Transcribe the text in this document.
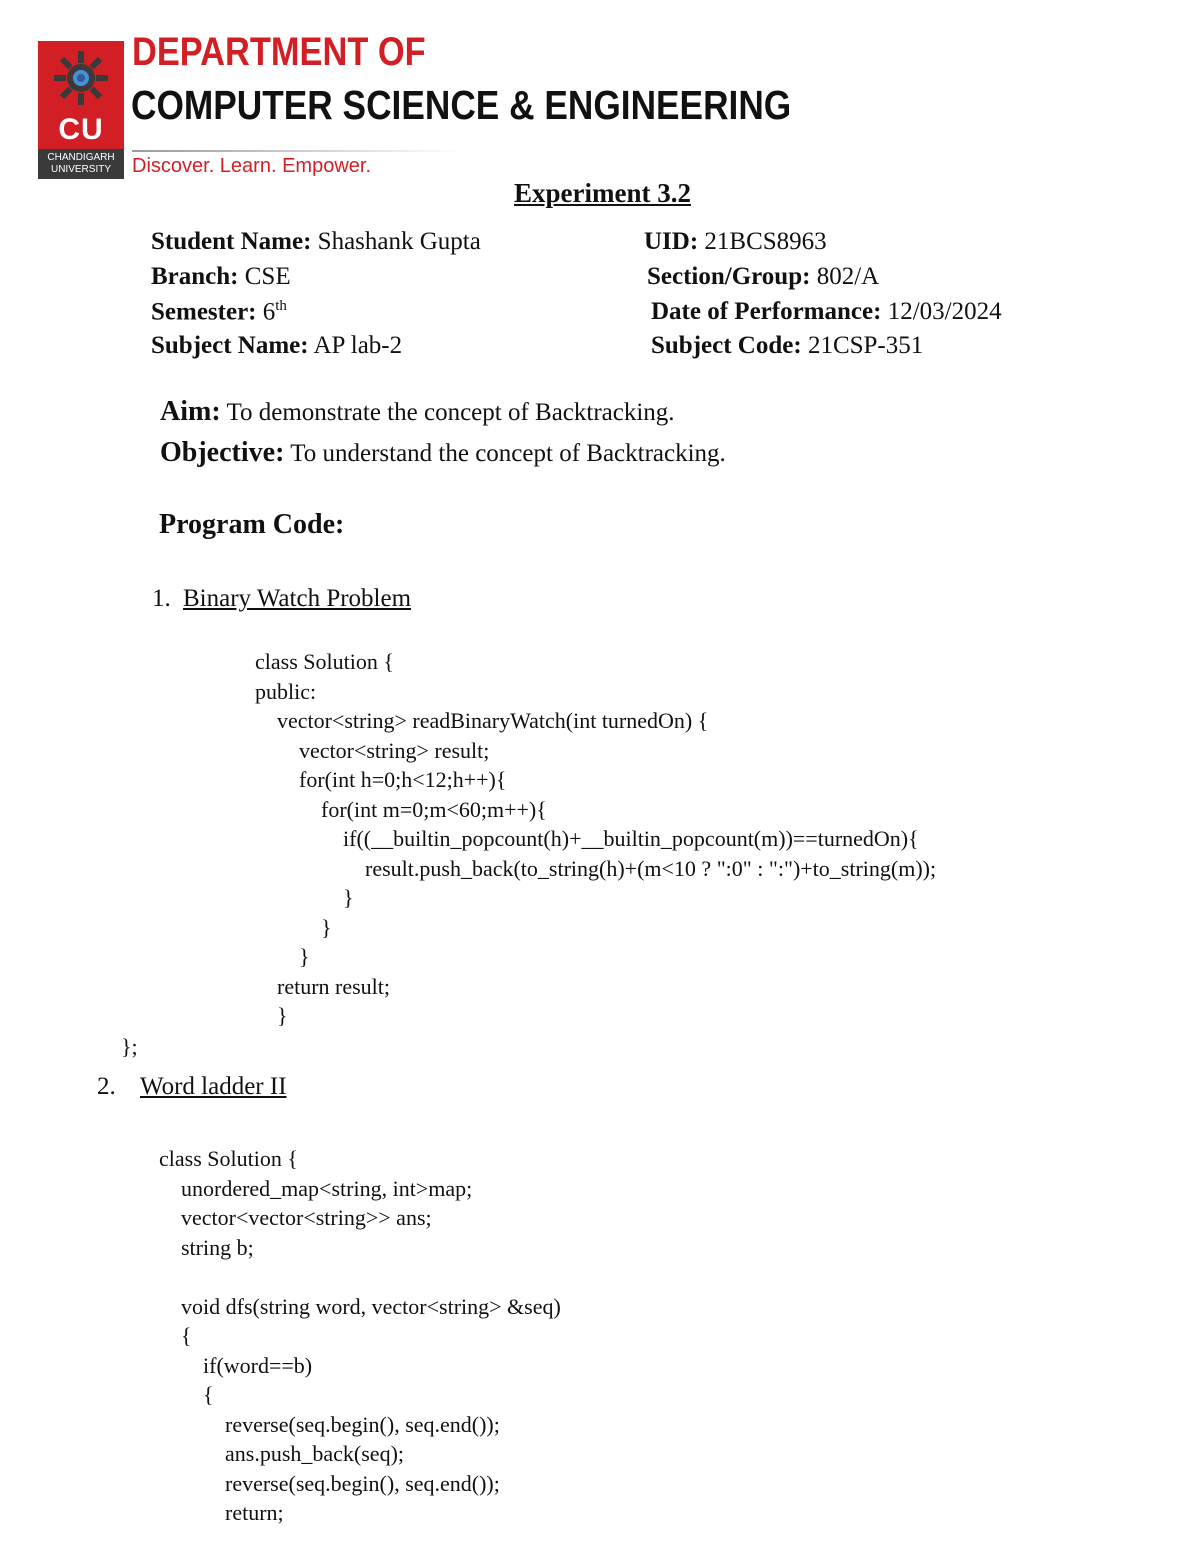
CU
CHANDIGARH
UNIVERSITY
DEPARTMENT OF
COMPUTER SCIENCE & ENGINEERING
Discover. Learn. Empower.
Experiment 3.2
Student Name: Shashank Gupta	UID: 21BCS8963
Branch: CSE	Section/Group: 802/A
Semester: 6th	Date of Performance: 12/03/2024
Subject Name: AP lab-2	Subject Code: 21CSP-351
Aim: To demonstrate the concept of Backtracking.
Objective: To understand the concept of Backtracking.
Program Code:
1. Binary Watch Problem
class Solution {
public:
vector<string> readBinaryWatch(int turnedOn) {
vector<string> result;
for(int h=0;h<12;h++){
for(int m=0;m<60;m++){
if((__builtin_popcount(h)+__builtin_popcount(m))==turnedOn){
result.push_back(to_string(h)+(m<10 ? ":0" : ":")+to_string(m));
}
}
}
return result;
}
};
2. Word ladder II
class Solution {
unordered_map<string, int>map;
vector<vector<string>> ans;
string b;

void dfs(string word, vector<string> &seq)
{
if(word==b)
{
reverse(seq.begin(), seq.end());
ans.push_back(seq);
reverse(seq.begin(), seq.end());
return;
